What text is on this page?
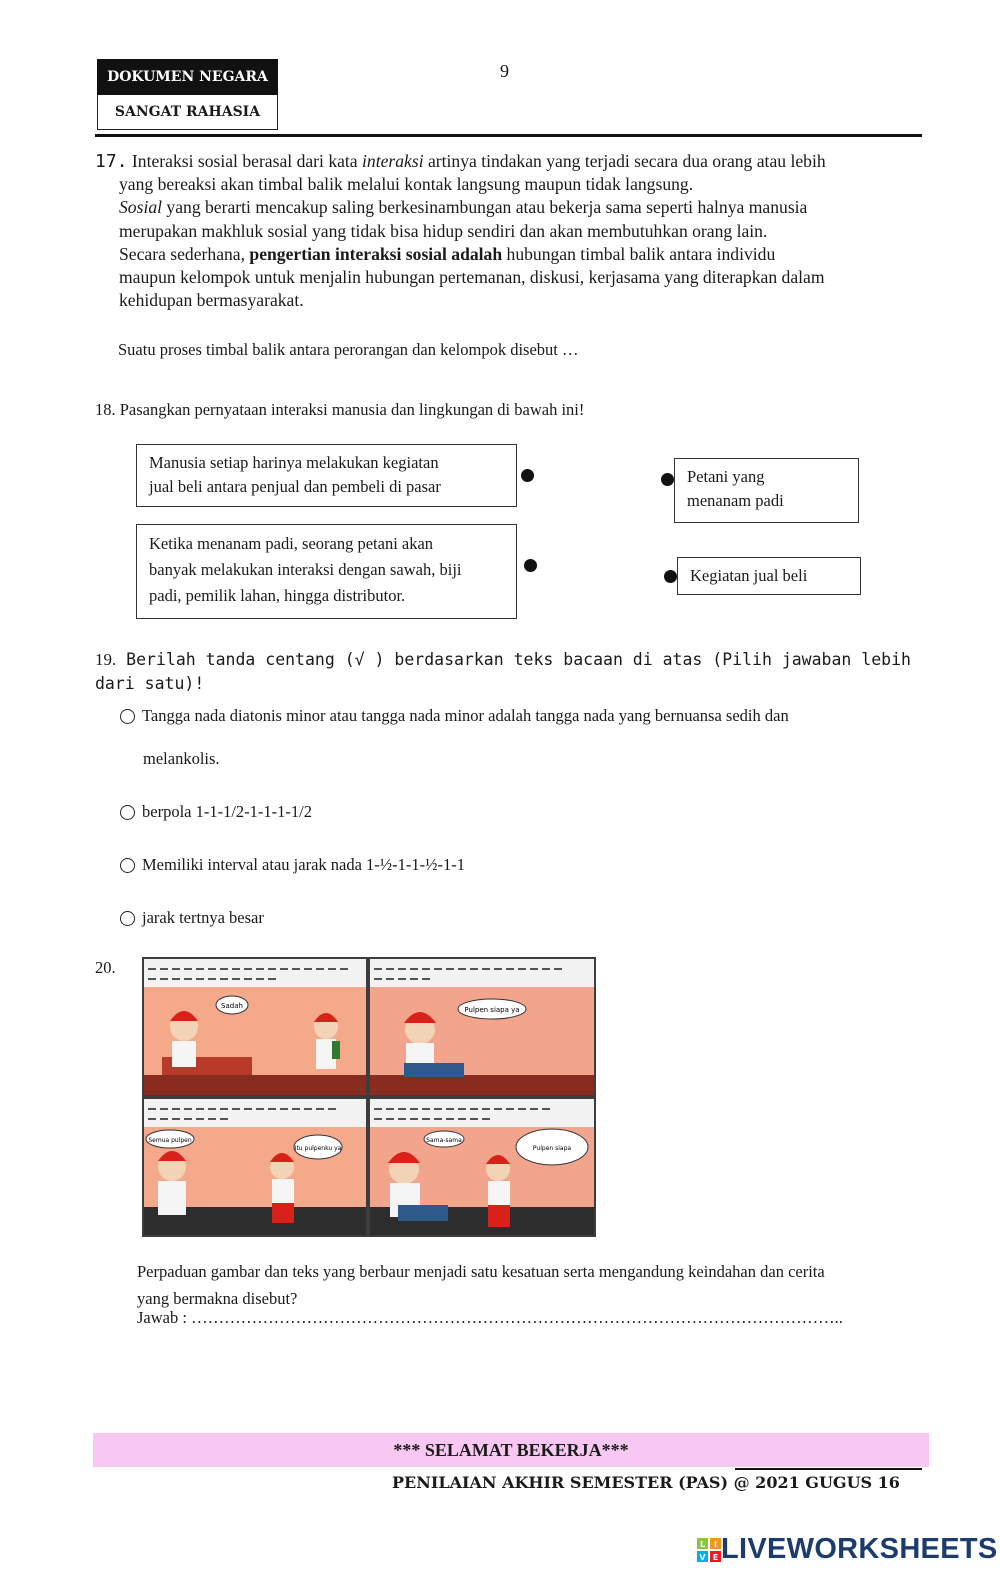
DOKUMEN NEGARA
SANGAT RAHASIA
9

17. Interaksi sosial berasal dari kata interaksi artinya tindakan yang terjadi secara dua orang atau lebih

yang bereaksi akan timbal balik melalui kontak langsung maupun tidak langsung.

Sosial yang berarti mencakup saling berkesinambungan atau bekerja sama seperti halnya manusia

merupakan makhluk sosial yang tidak bisa hidup sendiri dan akan membutuhkan orang lain.

Secara sederhana, pengertian interaksi sosial adalah hubungan timbal balik antara individu

maupun kelompok untuk menjalin hubungan pertemanan, diskusi, kerjasama yang diterapkan dalam

kehidupan bermasyarakat.

Suatu proses timbal balik antara perorangan dan kelompok disebut …
18. Pasangkan pernyataan interaksi manusia dan lingkungan di bawah ini!
Manusia setiap harinya melakukan kegiatan
jual beli antara penjual dan pembeli di pasar
Ketika menanam padi, seorang petani akan
banyak melakukan interaksi dengan sawah, biji
padi, pemilik lahan, hingga distributor.
Petani yang
menanam padi
Kegiatan jual beli
19. Berilah tanda centang (√ ) berdasarkan teks bacaan di atas (Pilih jawaban lebih
dari satu)!
Tangga nada diatonis minor atau tangga nada minor adalah tangga nada yang bernuansa sedih dan
melankolis.
berpola 1-1-1/2-1-1-1-1/2
Memiliki interval atau jarak nada 1-½-1-1-½-1-1
jarak tertnya besar
20.
Sadah	Pulpen siapa ya
Semua pulpen
Itu pulpenku ya
Sama-sama
Pulpen siapa
Perpaduan gambar dan teks yang berbaur menjadi satu kesatuan serta mengandung keindahan dan cerita
yang bermakna disebut?
Jawab : ………………………………………………………………………………………………………..
*** SELAMAT BEKERJA***
PENILAIAN AKHIR SEMESTER (PAS) @ 2021 GUGUS 16
L I
V E LIVEWORKSHEETS
